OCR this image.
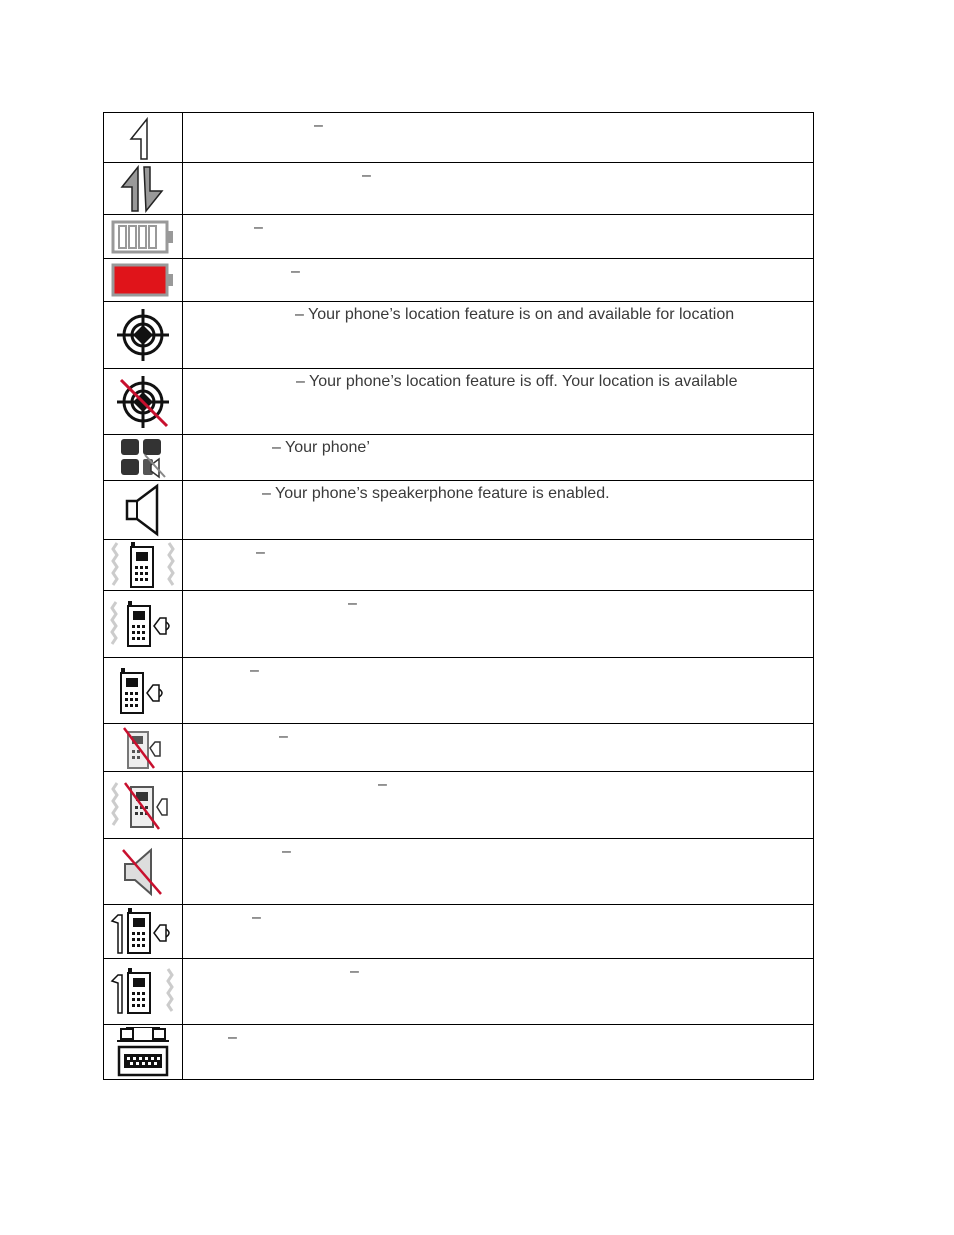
–

–

–

–

– Your phone’s location feature is on and available for location

– Your phone’s location feature is off. Your location is available

– Your phone’

– Your phone’s speakerphone feature is enabled.

–

–

–

–

–

–

–

–

–
